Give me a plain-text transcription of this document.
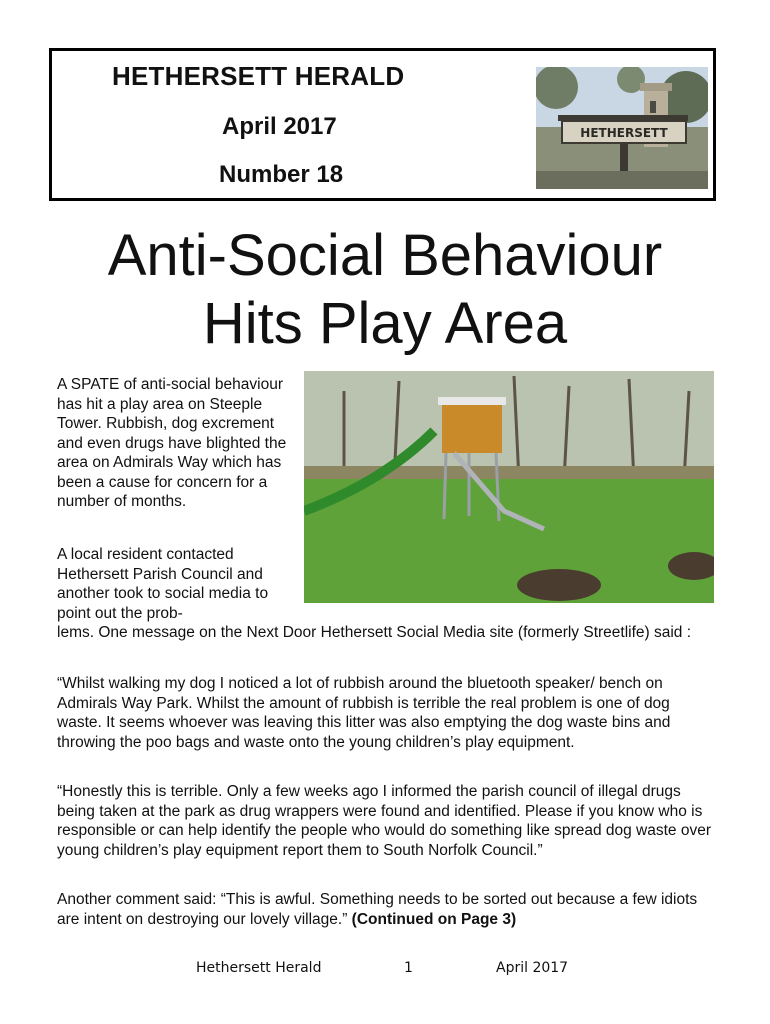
HETHERSETT HERALD
April 2017
Number 18
HETHERSETT
Anti-Social Behaviour
Hits Play Area

A SPATE of anti-social behaviour has hit a play area on Steeple Tower. Rubbish, dog excrement and even drugs have blighted the area on Admirals Way which has been a cause for concern for a number of months.

A local resident contacted Hethersett Parish Council and another took to social media to point out the prob-

lems. One message on the Next Door Hethersett Social Media site (formerly Streetlife) said :

“Whilst walking my dog I noticed a lot of rubbish around the bluetooth speaker/ bench on Admirals Way Park. Whilst the amount of rubbish is terrible the real problem is one of dog waste. It seems whoever was leaving this litter was also emptying the dog waste bins and throwing the poo bags and waste onto the young children’s play equipment.

“Honestly this is terrible. Only a few weeks ago I informed the parish council of illegal drugs being taken at the park as drug wrappers were found and identified. Please if you know who is responsible or can help identify the people who would do something like spread dog waste over young children’s play equipment report them to South Norfolk Council.”

Another comment said: “This is awful. Something needs to be sorted out because a few idiots are intent on destroying our lovely village.” (Continued on Page 3)

Hethersett Herald	1	April 2017
